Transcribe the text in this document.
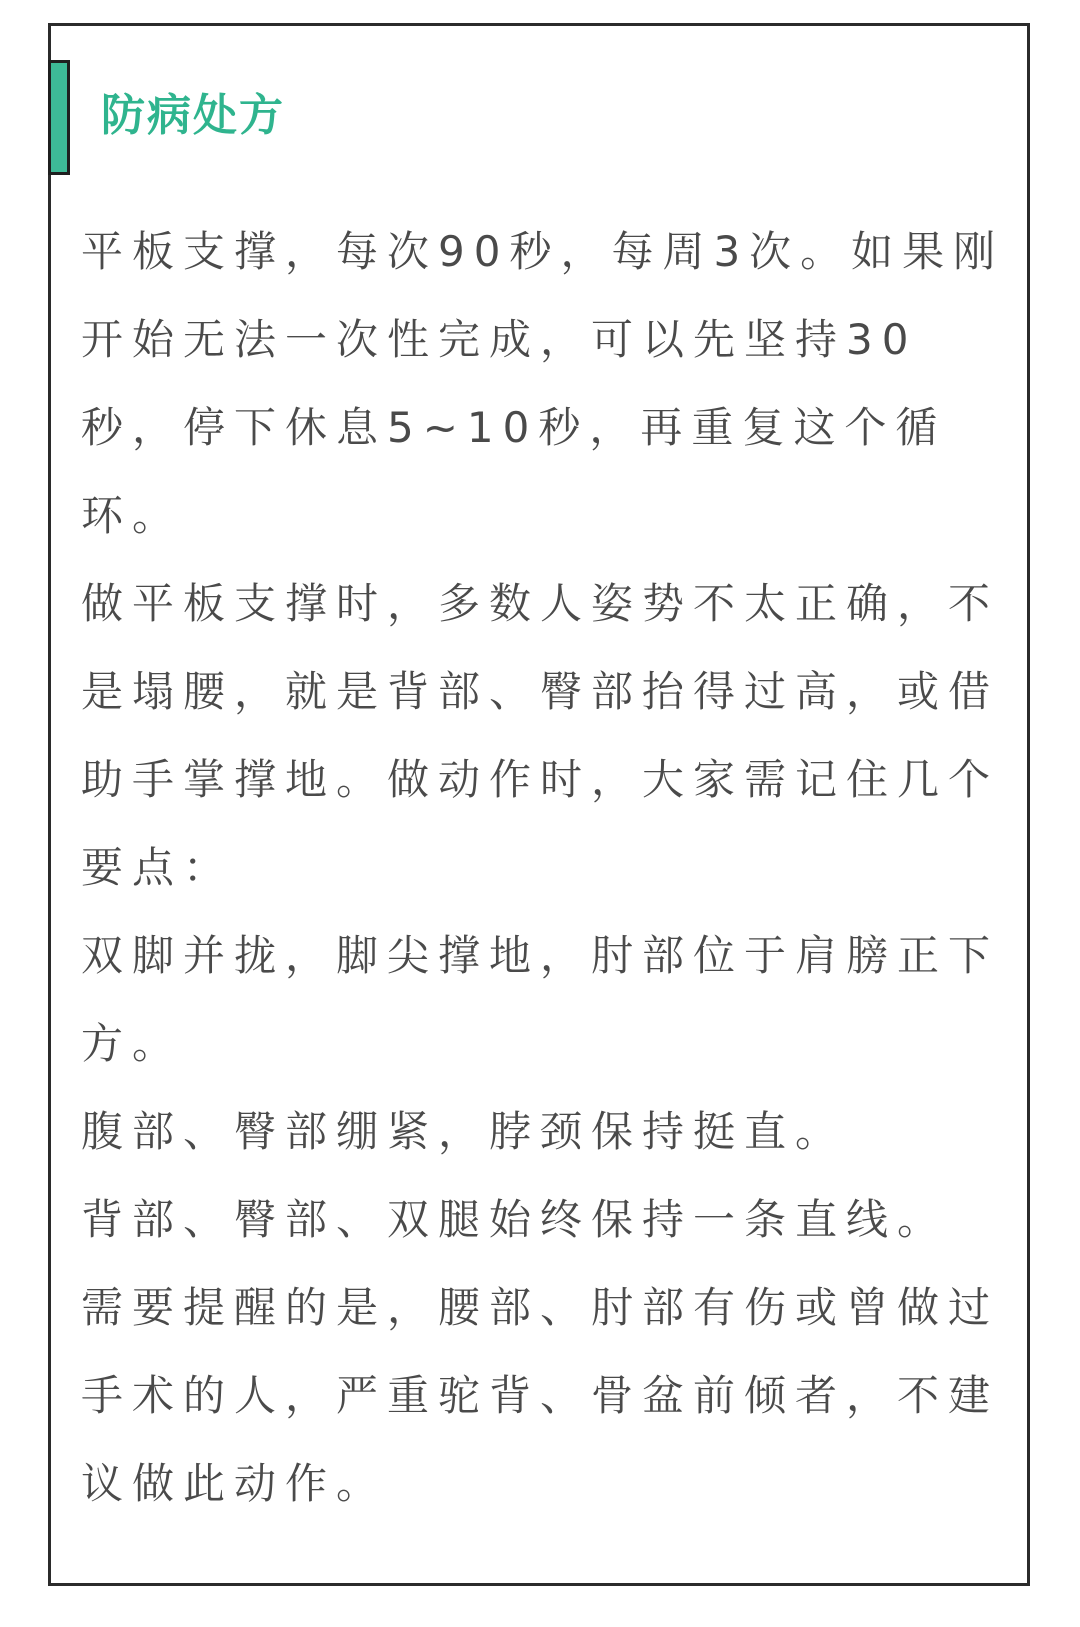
防病处方
平板支撑，每次90秒，每周3次。如果刚
开始无法一次性完成，可以先坚持30
秒，停下休息5~10秒，再重复这个循
环。
做平板支撑时，多数人姿势不太正确，不
是塌腰，就是背部、臀部抬得过高，或借
助手掌撑地。做动作时，大家需记住几个
要点：
双脚并拢，脚尖撑地，肘部位于肩膀正下
方。
腹部、臀部绷紧，脖颈保持挺直。
背部、臀部、双腿始终保持一条直线。
需要提醒的是，腰部、肘部有伤或曾做过
手术的人，严重驼背、骨盆前倾者，不建
议做此动作。
